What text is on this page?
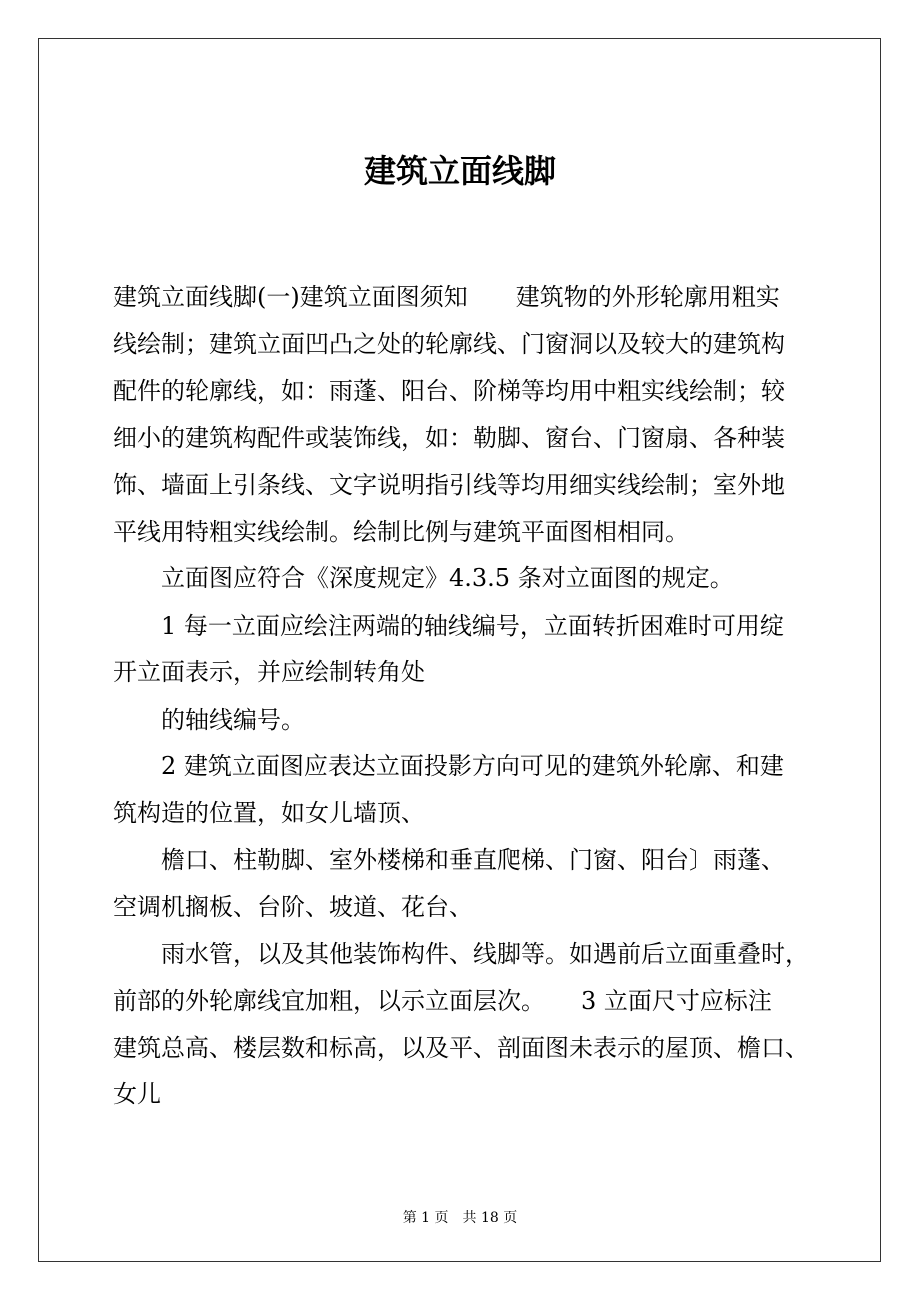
建筑立面线脚
建筑立面线脚(一)建筑立面图须知　　建筑物的外形轮廓用粗实
线绘制；建筑立面凹凸之处的轮廓线、门窗洞以及较大的建筑构
配件的轮廓线，如：雨蓬、阳台、阶梯等均用中粗实线绘制；较
细小的建筑构配件或装饰线，如：勒脚、窗台、门窗扇、各种装
饰、墙面上引条线、文字说明指引线等均用细实线绘制；室外地
平线用特粗实线绘制。绘制比例与建筑平面图相相同。
立面图应符合《深度规定》4.3.5 条对立面图的规定。
1 每一立面应绘注两端的轴线编号，立面转折困难时可用绽
开立面表示，并应绘制转角处
的轴线编号。
2 建筑立面图应表达立面投影方向可见的建筑外轮廓、和建
筑构造的位置，如女儿墙顶、
檐口、柱勒脚、室外楼梯和垂直爬梯、门窗、阳台〕雨蓬、
空调机搁板、台阶、坡道、花台、
雨水管，以及其他装饰构件、线脚等。如遇前后立面重叠时，
前部的外轮廓线宜加粗，以示立面层次。　　3 立面尺寸应标注
建筑总高、楼层数和标高，以及平、剖面图未表示的屋顶、檐口、
女儿
第 1 页　共 18 页
